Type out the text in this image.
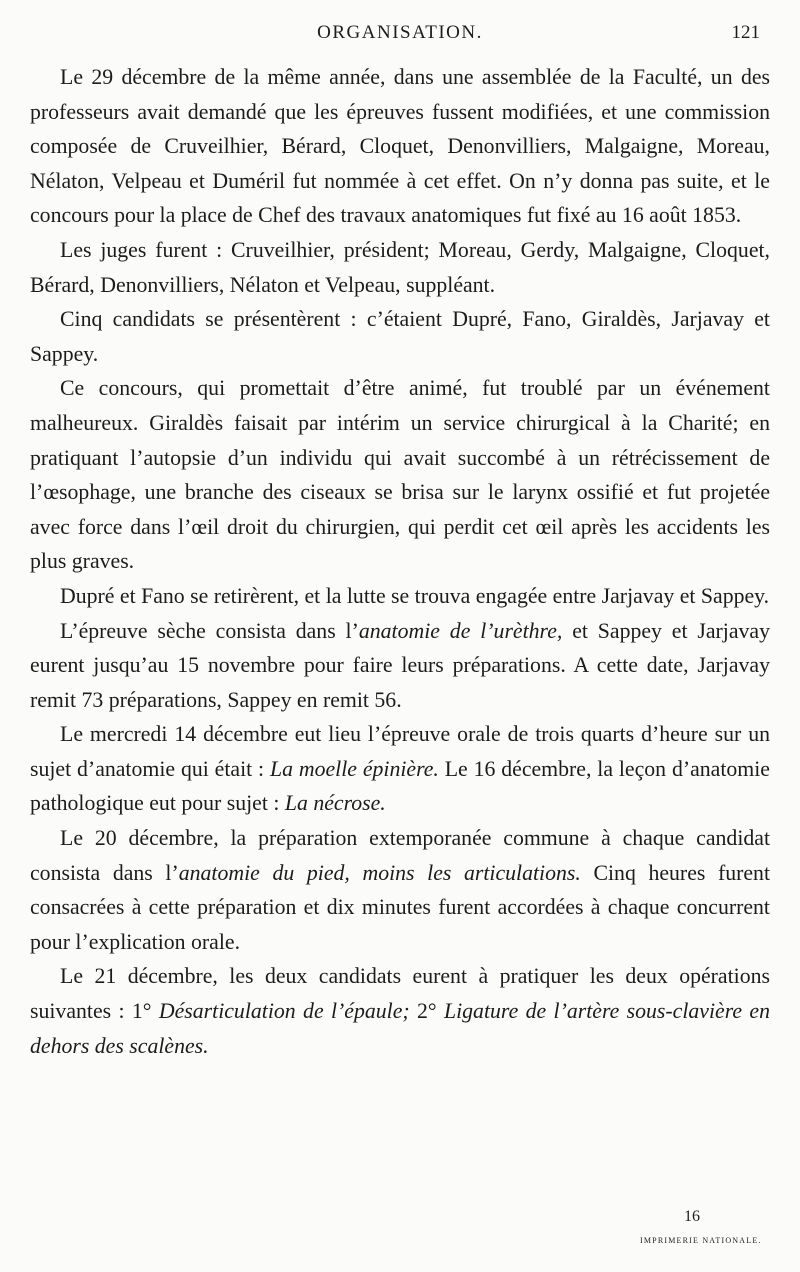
ORGANISATION.	121

Le 29 décembre de la même année, dans une assemblée de la Faculté, un des professeurs avait demandé que les épreuves fussent modifiées, et une commission composée de Cruveilhier, Bérard, Cloquet, Denonvilliers, Malgaigne, Moreau, Nélaton, Velpeau et Duméril fut nommée à cet effet. On n’y donna pas suite, et le concours pour la place de Chef des travaux anatomiques fut fixé au 16 août 1853.

Les juges furent : Cruveilhier, président; Moreau, Gerdy, Malgaigne, Cloquet, Bérard, Denonvilliers, Nélaton et Velpeau, suppléant.

Cinq candidats se présentèrent : c’étaient Dupré, Fano, Giraldès, Jarjavay et Sappey.

Ce concours, qui promettait d’être animé, fut troublé par un événement malheureux. Giraldès faisait par intérim un service chirurgical à la Charité; en pratiquant l’autopsie d’un individu qui avait succombé à un rétrécissement de l’œsophage, une branche des ciseaux se brisa sur le larynx ossifié et fut projetée avec force dans l’œil droit du chirurgien, qui perdit cet œil après les accidents les plus graves.

Dupré et Fano se retirèrent, et la lutte se trouva engagée entre Jarjavay et Sappey.

L’épreuve sèche consista dans l’anatomie de l’urèthre, et Sappey et Jarjavay eurent jusqu’au 15 novembre pour faire leurs préparations. A cette date, Jarjavay remit 73 préparations, Sappey en remit 56.

Le mercredi 14 décembre eut lieu l’épreuve orale de trois quarts d’heure sur un sujet d’anatomie qui était : La moelle épinière. Le 16 décembre, la leçon d’anatomie pathologique eut pour sujet : La nécrose.

Le 20 décembre, la préparation extemporanée commune à chaque candidat consista dans l’anatomie du pied, moins les articulations. Cinq heures furent consacrées à cette préparation et dix minutes furent accordées à chaque concurrent pour l’explication orale.

Le 21 décembre, les deux candidats eurent à pratiquer les deux opérations suivantes : 1° Désarticulation de l’épaule; 2° Ligature de l’artère sous-clavière en dehors des scalènes.

16
IMPRIMERIE NATIONALE.
